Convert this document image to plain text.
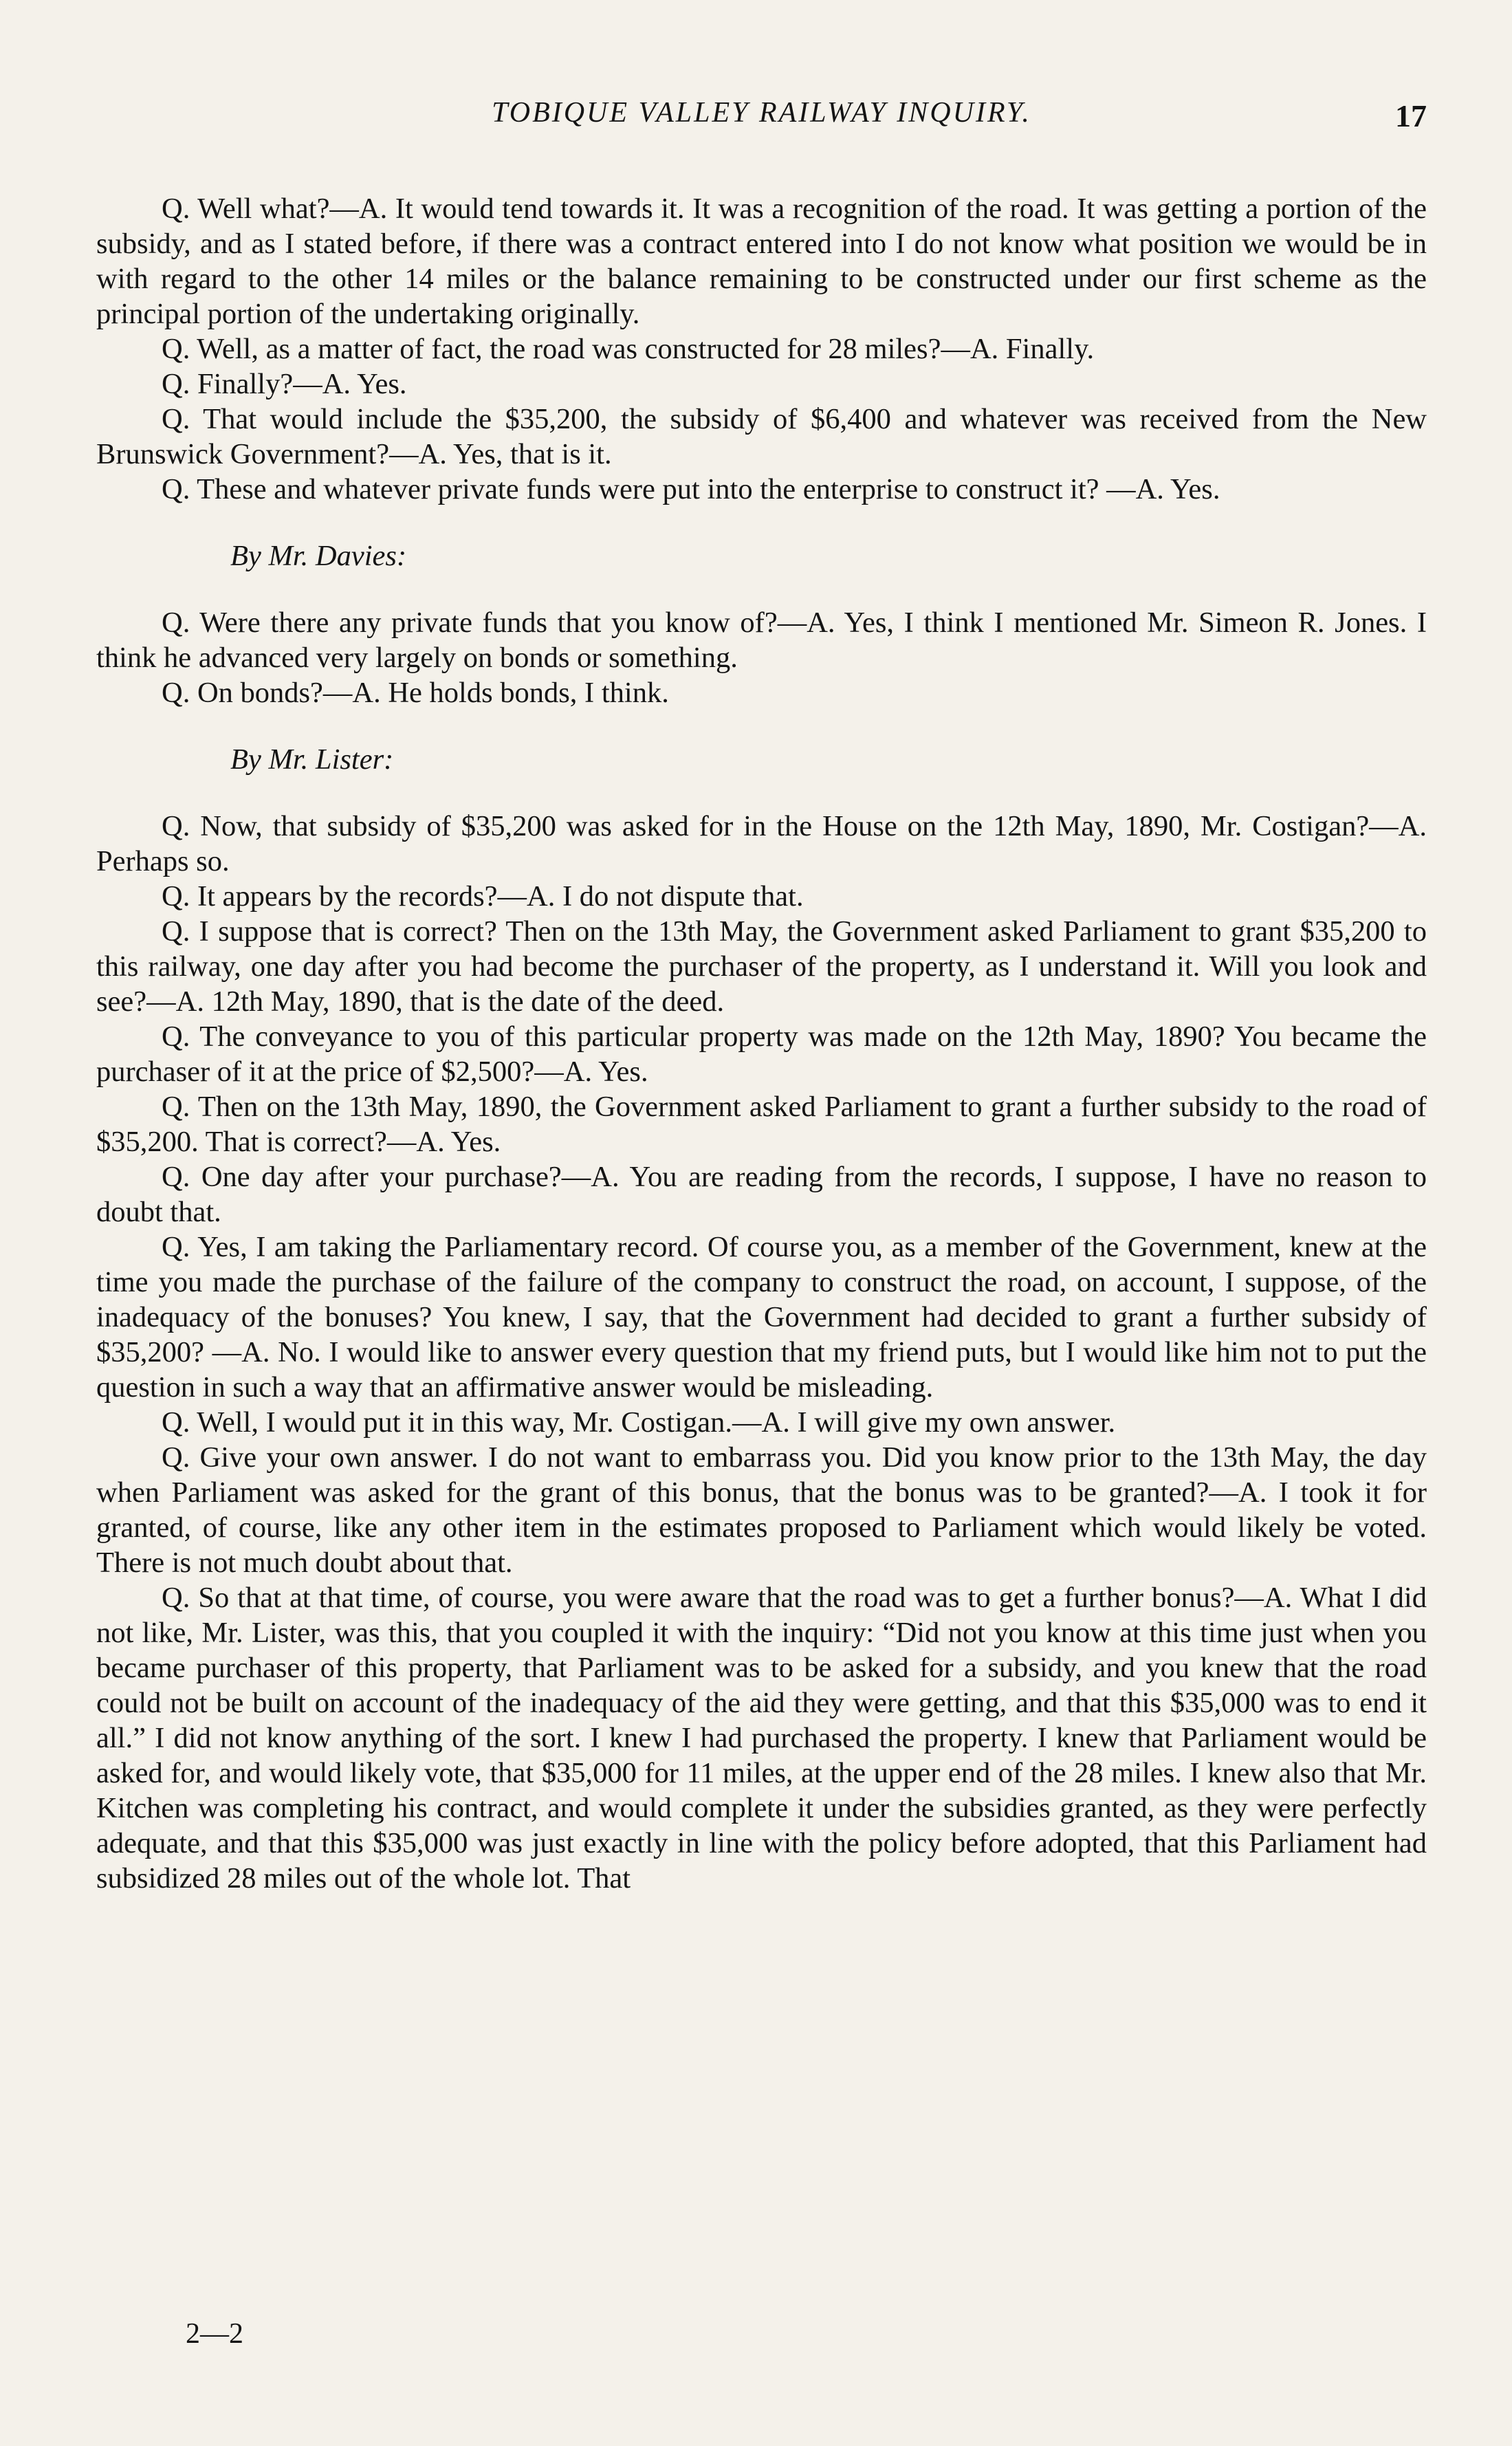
TOBIQUE VALLEY RAILWAY INQUIRY.	17

Q. Well what?—A. It would tend towards it. It was a recognition of the road. It was getting a portion of the subsidy, and as I stated before, if there was a contract entered into I do not know what position we would be in with regard to the other 14 miles or the balance remaining to be constructed under our first scheme as the principal portion of the undertaking originally.

Q. Well, as a matter of fact, the road was constructed for 28 miles?—A. Finally.

Q. Finally?—A. Yes.

Q. That would include the $35,200, the subsidy of $6,400 and whatever was received from the New Brunswick Government?—A. Yes, that is it.

Q. These and whatever private funds were put into the enterprise to construct it? —A. Yes.

By Mr. Davies:

Q. Were there any private funds that you know of?—A. Yes, I think I mentioned Mr. Simeon R. Jones. I think he advanced very largely on bonds or something.

Q. On bonds?—A. He holds bonds, I think.

By Mr. Lister:

Q. Now, that subsidy of $35,200 was asked for in the House on the 12th May, 1890, Mr. Costigan?—A. Perhaps so.

Q. It appears by the records?—A. I do not dispute that.

Q. I suppose that is correct? Then on the 13th May, the Government asked Parliament to grant $35,200 to this railway, one day after you had become the purchaser of the property, as I understand it. Will you look and see?—A. 12th May, 1890, that is the date of the deed.

Q. The conveyance to you of this particular property was made on the 12th May, 1890? You became the purchaser of it at the price of $2,500?—A. Yes.

Q. Then on the 13th May, 1890, the Government asked Parliament to grant a further subsidy to the road of $35,200. That is correct?—A. Yes.

Q. One day after your purchase?—A. You are reading from the records, I suppose, I have no reason to doubt that.

Q. Yes, I am taking the Parliamentary record. Of course you, as a member of the Government, knew at the time you made the purchase of the failure of the company to construct the road, on account, I suppose, of the inadequacy of the bonuses? You knew, I say, that the Government had decided to grant a further subsidy of $35,200? —A. No. I would like to answer every question that my friend puts, but I would like him not to put the question in such a way that an affirmative answer would be misleading.

Q. Well, I would put it in this way, Mr. Costigan.—A. I will give my own answer.

Q. Give your own answer. I do not want to embarrass you. Did you know prior to the 13th May, the day when Parliament was asked for the grant of this bonus, that the bonus was to be granted?—A. I took it for granted, of course, like any other item in the estimates proposed to Parliament which would likely be voted. There is not much doubt about that.

Q. So that at that time, of course, you were aware that the road was to get a further bonus?—A. What I did not like, Mr. Lister, was this, that you coupled it with the inquiry: “Did not you know at this time just when you became purchaser of this property, that Parliament was to be asked for a subsidy, and you knew that the road could not be built on account of the inadequacy of the aid they were getting, and that this $35,000 was to end it all.” I did not know anything of the sort. I knew I had purchased the property. I knew that Parliament would be asked for, and would likely vote, that $35,000 for 11 miles, at the upper end of the 28 miles. I knew also that Mr. Kitchen was completing his contract, and would complete it under the subsidies granted, as they were perfectly adequate, and that this $35,000 was just exactly in line with the policy before adopted, that this Parliament had subsidized 28 miles out of the whole lot. That

2—2
